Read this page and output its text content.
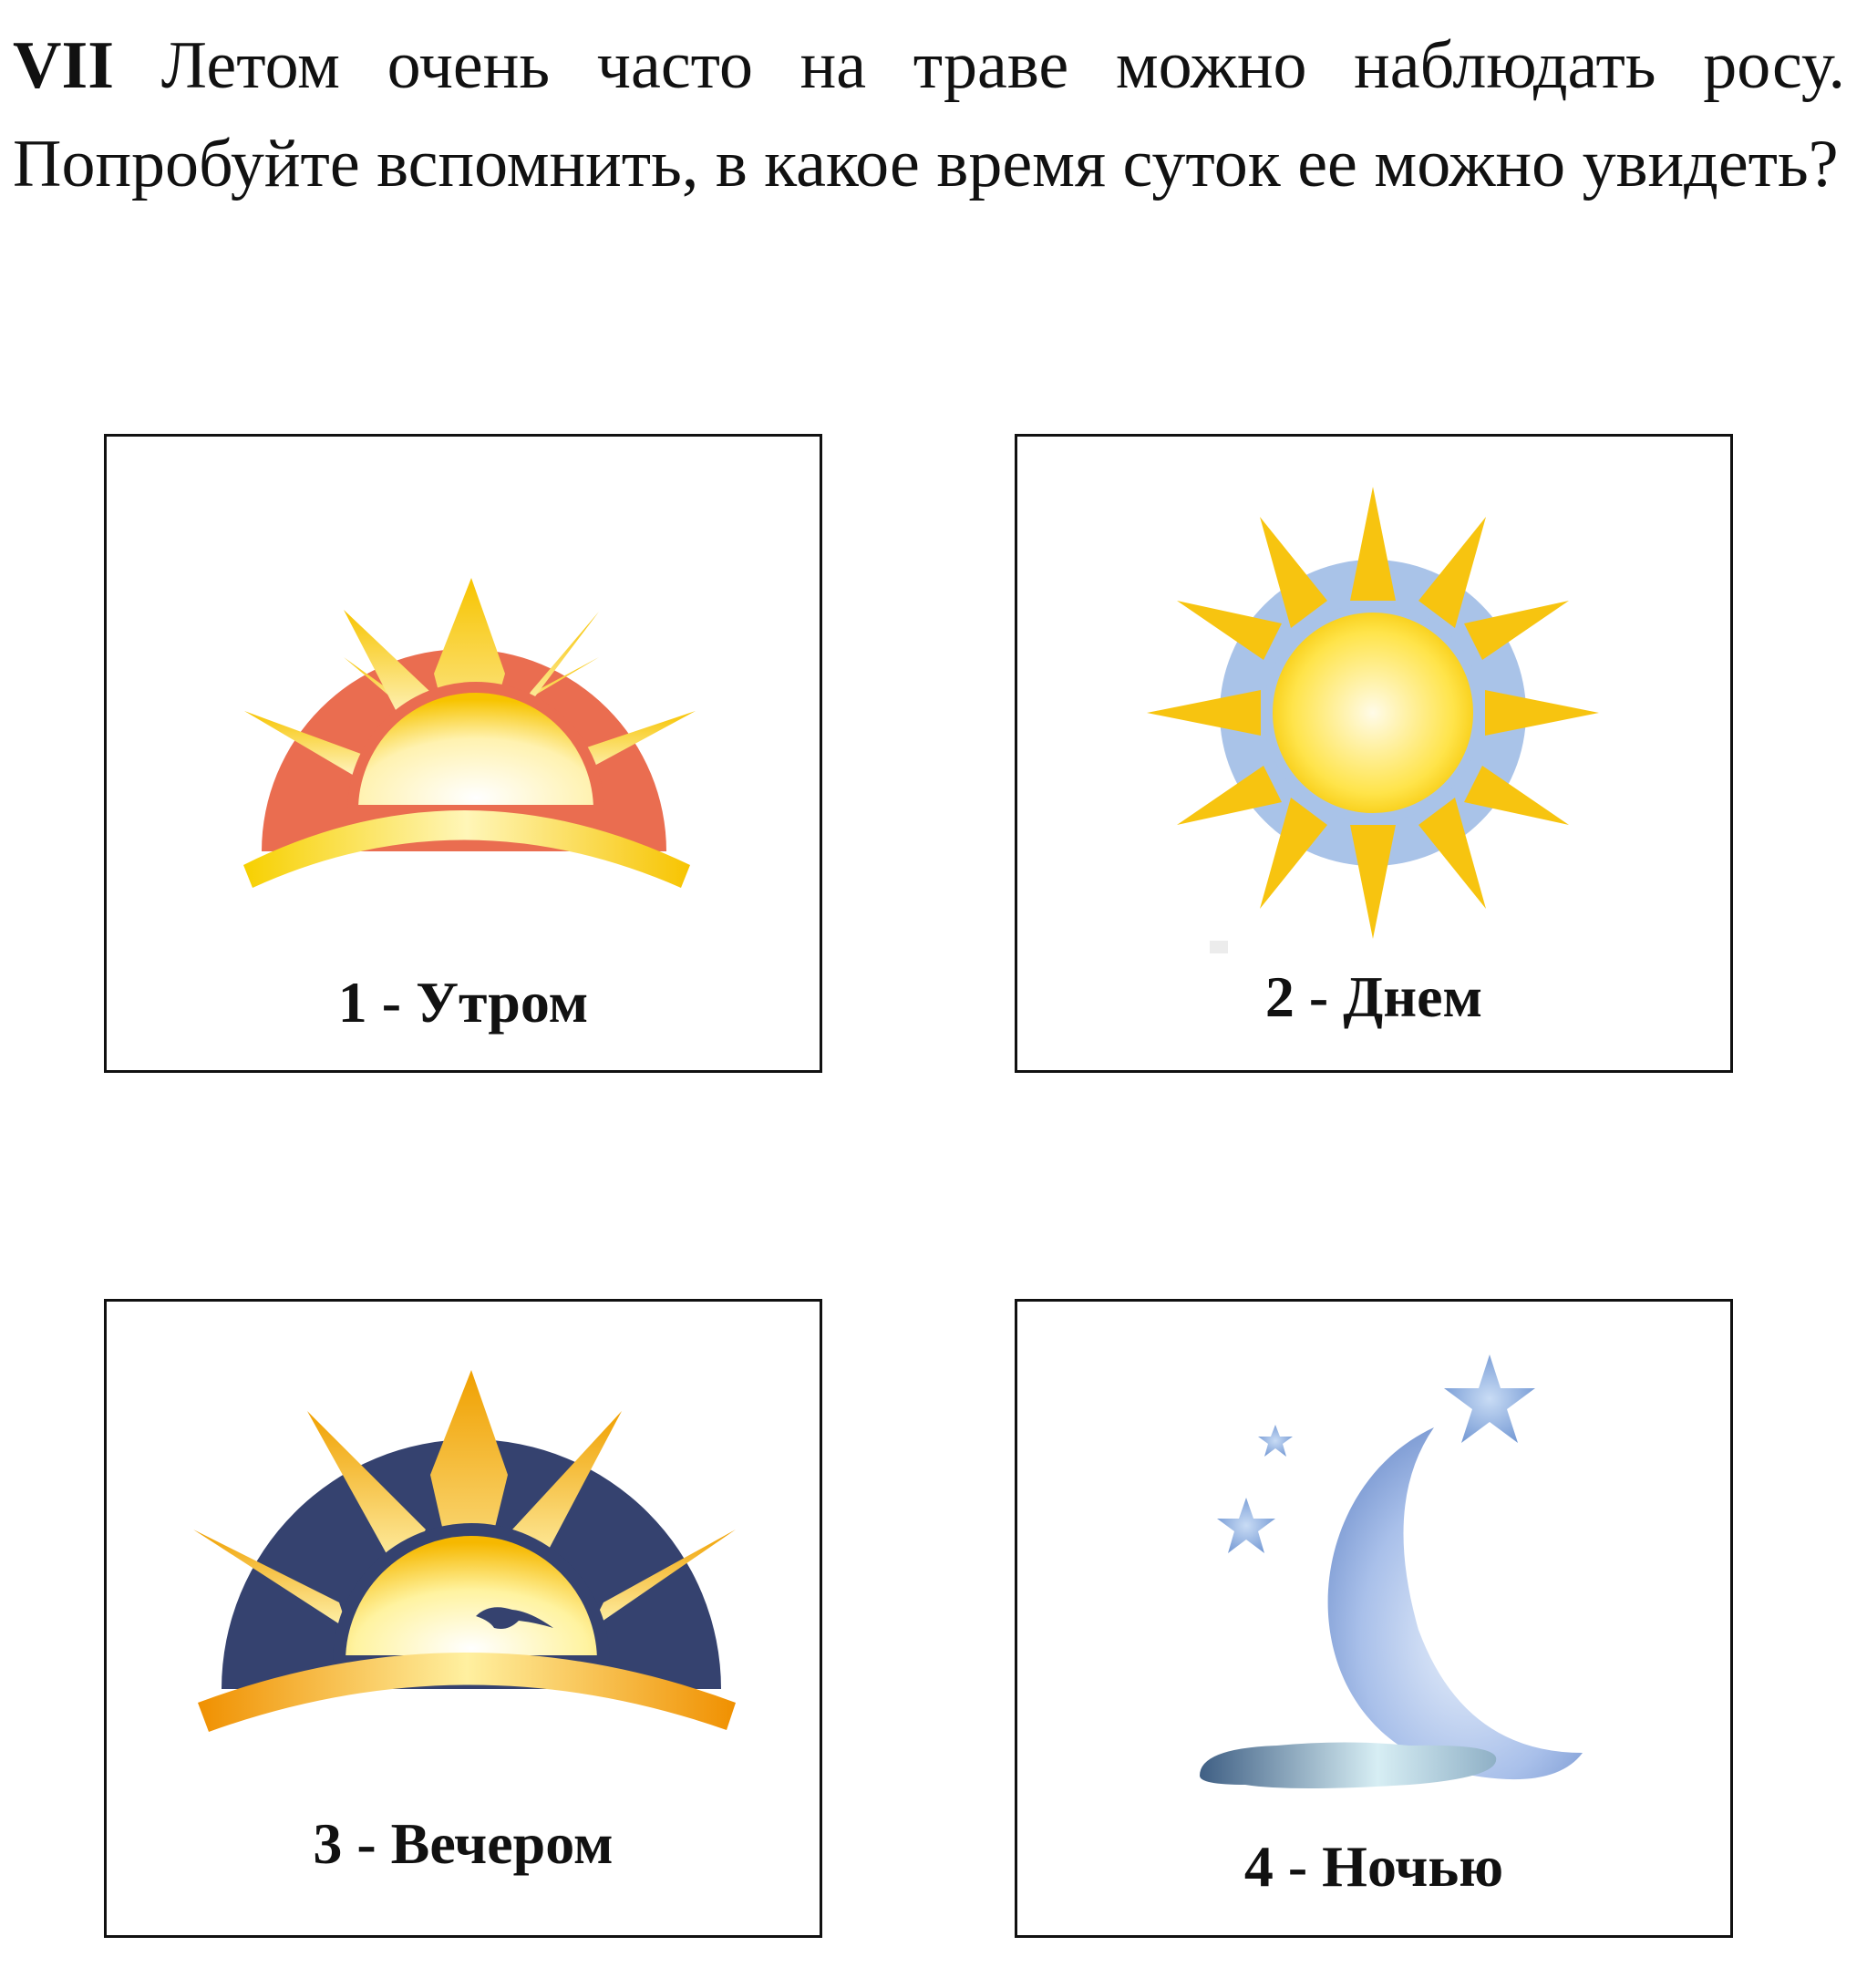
VII Летом очень часто на траве можно наблюдать росу. Попробуйте вспомнить, в какое время суток ее можно увидеть?

1 - Утром	2 - Днем
3 - Вечером	4 - Ночью
